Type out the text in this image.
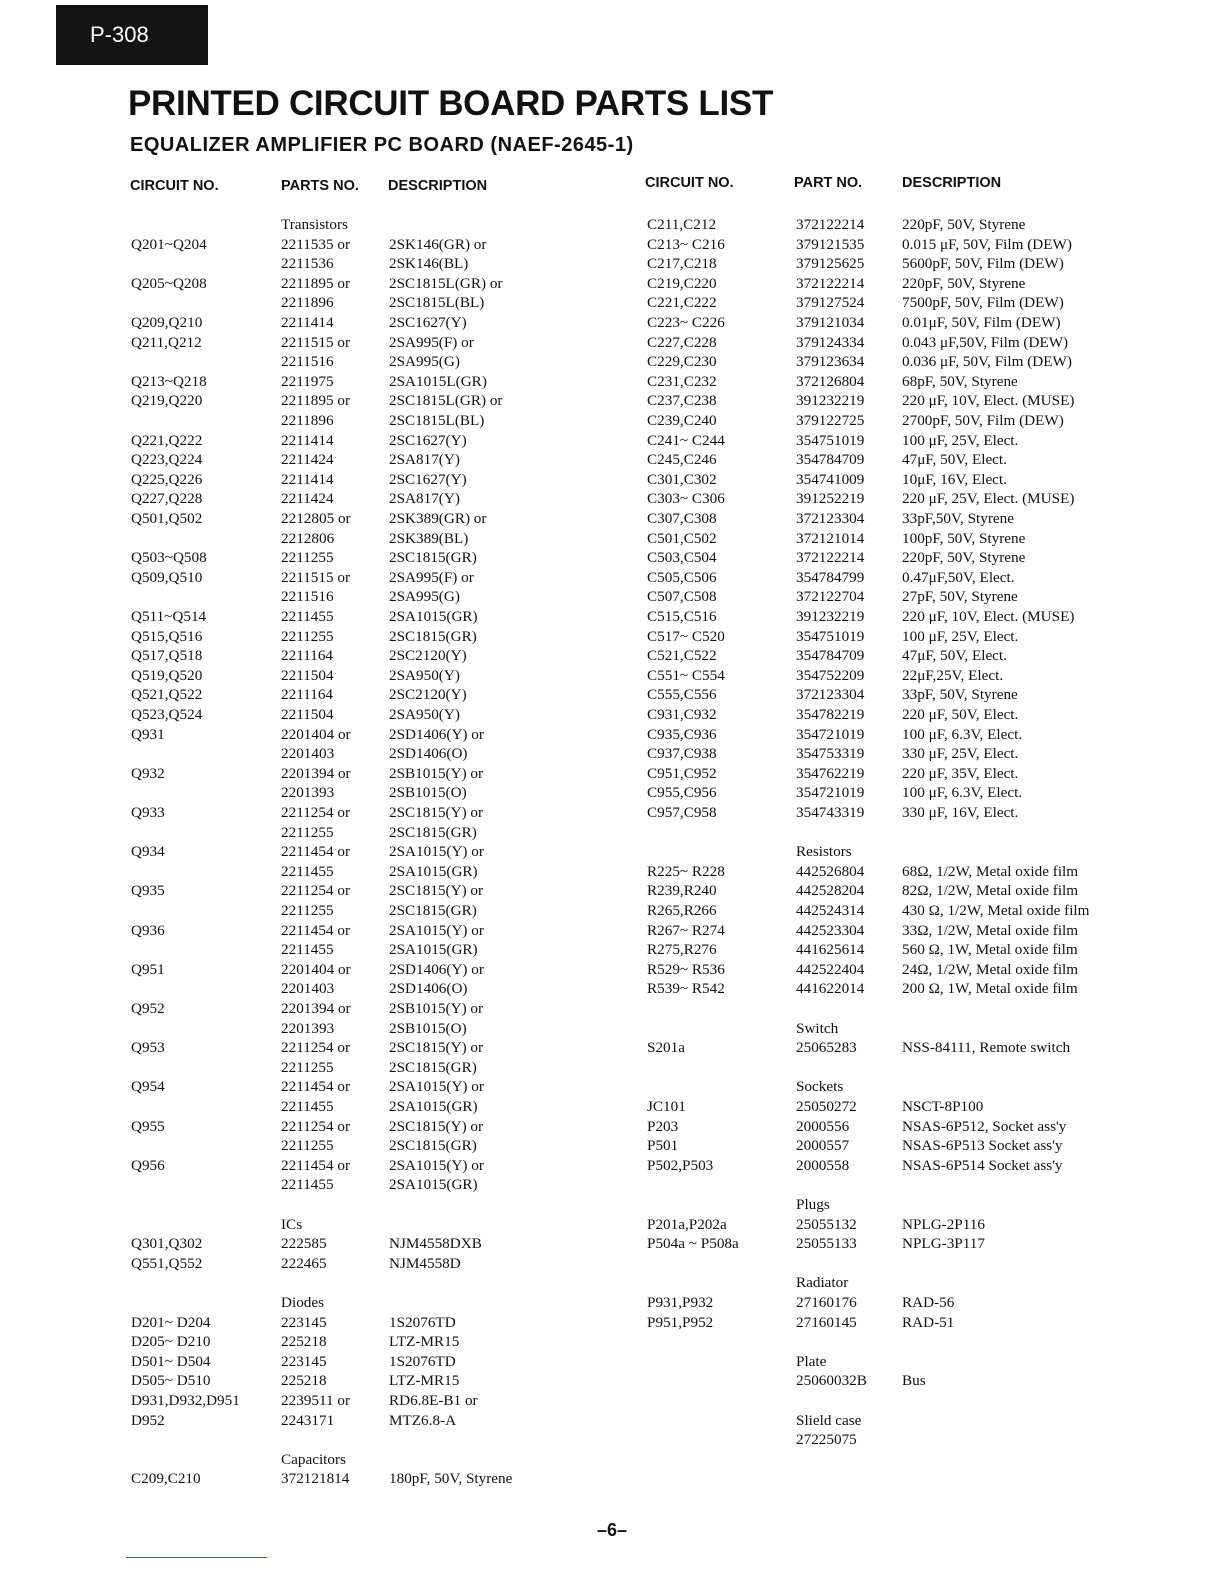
P-308
PRINTED CIRCUIT BOARD PARTS LIST
EQUALIZER AMPLIFIER PC BOARD (NAEF-2645-1)
CIRCUIT NO.	PARTS NO. DESCRIPTION	CIRCUIT NO.	PART NO.	DESCRIPTION
Transistors
Q201~Q204	2211535 or	2SK146(GR) or
2211536	2SK146(BL)
Q205~Q208	2211895 or	2SC1815L(GR) or
2211896	2SC1815L(BL)
Q209,Q210	2211414	2SC1627(Y)
Q211,Q212	2211515 or	2SA995(F) or
2211516	2SA995(G)
Q213~Q218	2211975	2SA1015L(GR)
Q219,Q220	2211895 or	2SC1815L(GR) or
2211896	2SC1815L(BL)
Q221,Q222	2211414	2SC1627(Y)
Q223,Q224	2211424	2SA817(Y)
Q225,Q226	2211414	2SC1627(Y)
Q227,Q228	2211424	2SA817(Y)
Q501,Q502	2212805 or	2SK389(GR) or
2212806	2SK389(BL)
Q503~Q508	2211255	2SC1815(GR)
Q509,Q510	2211515 or	2SA995(F) or
2211516	2SA995(G)
Q511~Q514	2211455	2SA1015(GR)
Q515,Q516	2211255	2SC1815(GR)
Q517,Q518	2211164	2SC2120(Y)
Q519,Q520	2211504	2SA950(Y)
Q521,Q522	2211164	2SC2120(Y)
Q523,Q524	2211504	2SA950(Y)
Q931	2201404 or	2SD1406(Y) or
2201403	2SD1406(O)
Q932	2201394 or	2SB1015(Y) or
2201393	2SB1015(O)
Q933	2211254 or	2SC1815(Y) or
2211255	2SC1815(GR)
Q934	2211454 or	2SA1015(Y) or
2211455	2SA1015(GR)
Q935	2211254 or	2SC1815(Y) or
2211255	2SC1815(GR)
Q936	2211454 or	2SA1015(Y) or
2211455	2SA1015(GR)
Q951	2201404 or	2SD1406(Y) or
2201403	2SD1406(O)
Q952	2201394 or	2SB1015(Y) or
2201393	2SB1015(O)
Q953	2211254 or	2SC1815(Y) or
2211255	2SC1815(GR)
Q954	2211454 or	2SA1015(Y) or
2211455	2SA1015(GR)
Q955	2211254 or	2SC1815(Y) or
2211255	2SC1815(GR)
Q956	2211454 or	2SA1015(Y) or
2211455	2SA1015(GR)
ICs
Q301,Q302	222585	NJM4558DXB
Q551,Q552	222465	NJM4558D
Diodes
D201~ D204	223145	1S2076TD
D205~ D210	225218	LTZ-MR15
D501~ D504	223145	1S2076TD
D505~ D510	225218	LTZ-MR15
D931,D932,D951	2239511 or	RD6.8E-B1 or
D952	2243171	MTZ6.8-A
Capacitors
C209,C210	372121814	180pF, 50V, Styrene
C211,C212	372122214 220pF, 50V, Styrene
C213~ C216	379121535 0.015 μF, 50V, Film (DEW)
C217,C218	379125625 5600pF, 50V, Film (DEW)
C219,C220	372122214 220pF, 50V, Styrene
C221,C222	379127524 7500pF, 50V, Film (DEW)
C223~ C226	379121034 0.01μF, 50V, Film (DEW)
C227,C228	379124334 0.043 μF,50V, Film (DEW)
C229,C230	379123634 0.036 μF, 50V, Film (DEW)
C231,C232	372126804 68pF, 50V, Styrene
C237,C238	391232219 220 μF, 10V, Elect. (MUSE)
C239,C240	379122725 2700pF, 50V, Film (DEW)
C241~ C244	354751019 100 μF, 25V, Elect.
C245,C246	354784709 47μF, 50V, Elect.
C301,C302	354741009 10μF, 16V, Elect.
C303~ C306	391252219 220 μF, 25V, Elect. (MUSE)
C307,C308	372123304 33pF,50V, Styrene
C501,C502	372121014 100pF, 50V, Styrene
C503,C504	372122214 220pF, 50V, Styrene
C505,C506	354784799 0.47μF,50V, Elect.
C507,C508	372122704 27pF, 50V, Styrene
C515,C516	391232219 220 μF, 10V, Elect. (MUSE)
C517~ C520	354751019 100 μF, 25V, Elect.
C521,C522	354784709 47μF, 50V, Elect.
C551~ C554	354752209 22μF,25V, Elect.
C555,C556	372123304 33pF, 50V, Styrene
C931,C932	354782219 220 μF, 50V, Elect.
C935,C936	354721019 100 μF, 6.3V, Elect.
C937,C938	354753319 330 μF, 25V, Elect.
C951,C952	354762219 220 μF, 35V, Elect.
C955,C956	354721019 100 μF, 6.3V, Elect.
C957,C958	354743319 330 μF, 16V, Elect.
Resistors
R225~ R228	442526804 68Ω, 1/2W, Metal oxide film
R239,R240	442528204 82Ω, 1/2W, Metal oxide film
R265,R266	442524314 430 Ω, 1/2W, Metal oxide film
R267~ R274	442523304 33Ω, 1/2W, Metal oxide film
R275,R276	441625614 560 Ω, 1W, Metal oxide film
R529~ R536	442522404 24Ω, 1/2W, Metal oxide film
R539~ R542	441622014 200 Ω, 1W, Metal oxide film
Switch
S201a	25065283	NSS-84111, Remote switch
Sockets
JC101	25050272	NSCT-8P100
P203	2000556	NSAS-6P512, Socket ass'y
P501	2000557	NSAS-6P513 Socket ass'y
P502,P503	2000558	NSAS-6P514 Socket ass'y
Plugs
P201a,P202a	25055132	NPLG-2P116
P504a ~ P508a	25055133	NPLG-3P117
Radiator
P931,P932	27160176	RAD-56
P951,P952	27160145	RAD-51
Plate
25060032B Bus
Slield case
27225075
–6–
